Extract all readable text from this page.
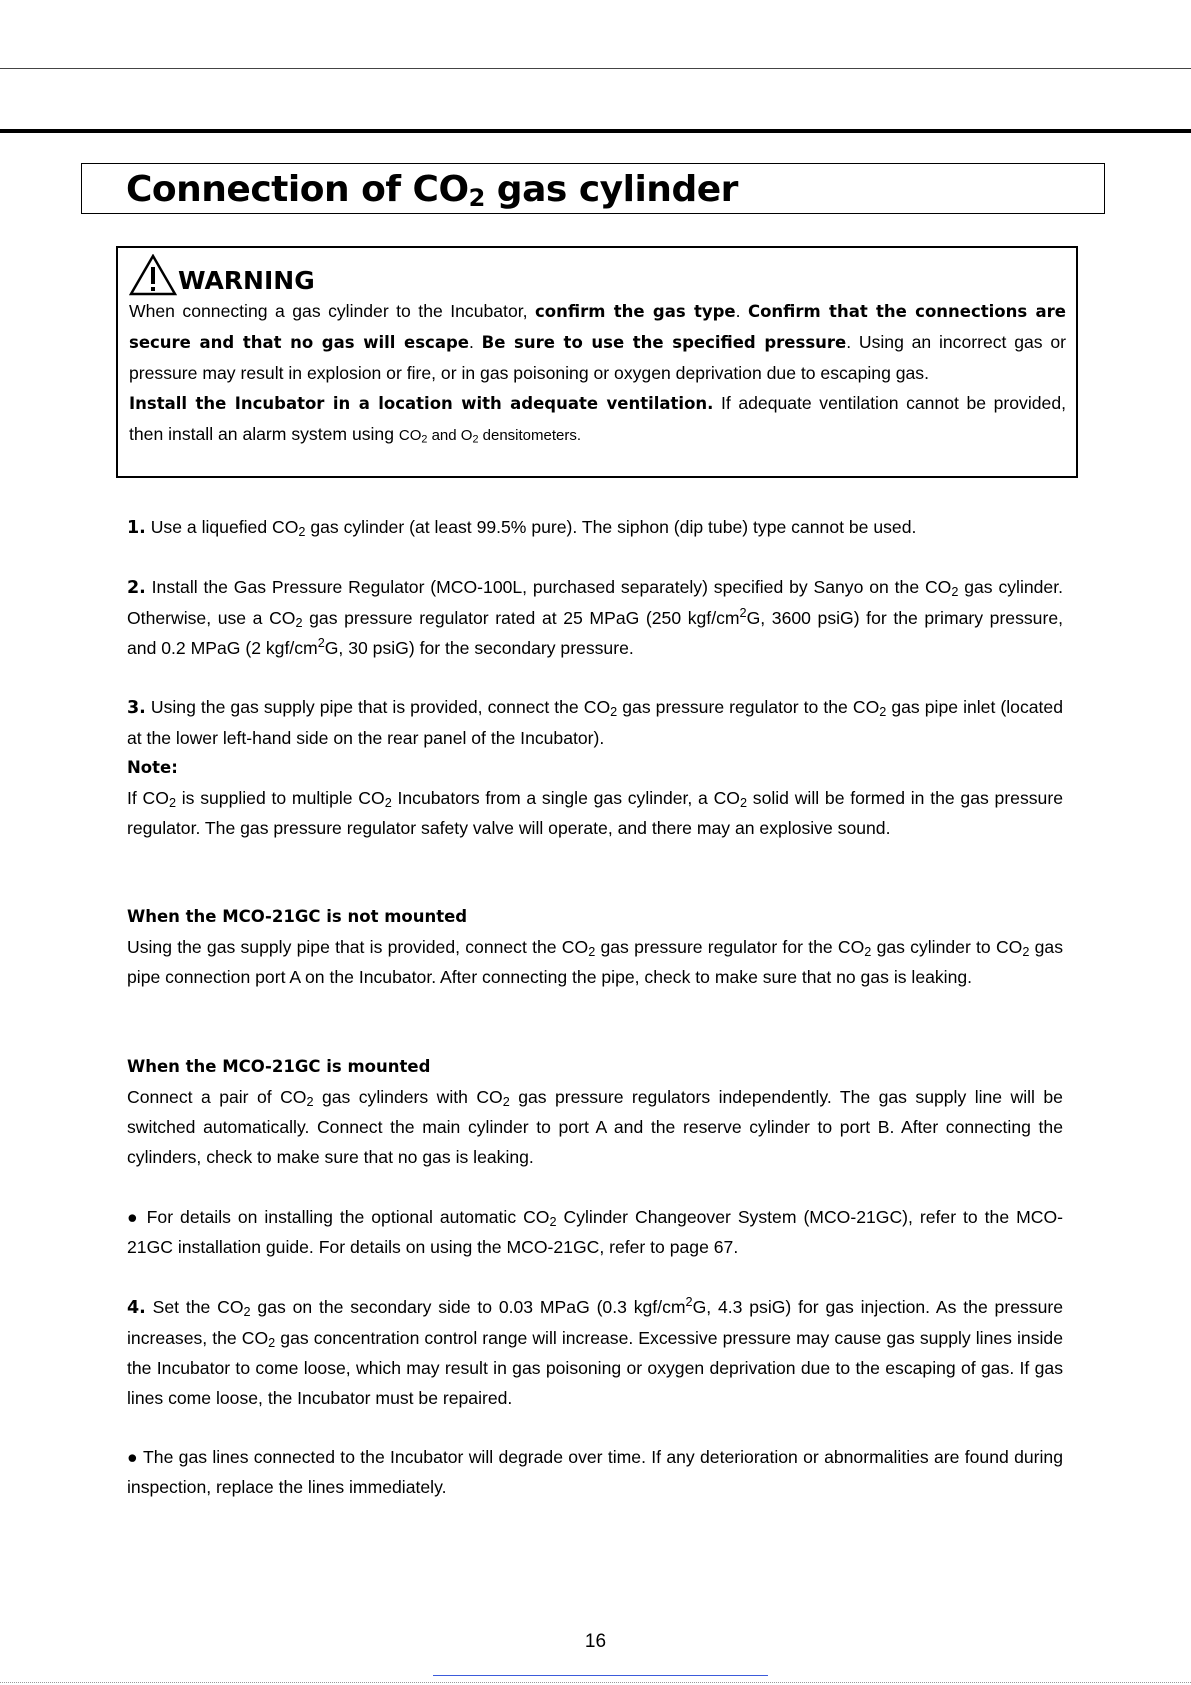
Connection of $CO_2$ gas cylinder
WARNING

When connecting a gas cylinder to the Incubator, confirm the gas type. Confirm that the connections are secure and that no gas will escape. Be sure to use the specified pressure. Using an incorrect gas or pressure may result in explosion or fire, or in gas poisoning or oxygen deprivation due to escaping gas.

Install the Incubator in a location with adequate ventilation. If adequate ventilation cannot be provided, then install an alarm system using $CO_2$ and $O_2$ densitometers.

1. Use a liquefied $CO_2$ gas cylinder (at least 99.5% pure). The siphon (dip tube) type cannot be used.

2. Install the Gas Pressure Regulator (MCO-100L, purchased separately) specified by Sanyo on the $CO_2$ gas cylinder. Otherwise, use a $CO_2$ gas pressure regulator rated at 25 MPaG (250 kgf/$cm^2G$, 3600 psiG) for the primary pressure, and 0.2 MPaG (2 kgf/$cm^2G$, 30 psiG) for the secondary pressure.

3. Using the gas supply pipe that is provided, connect the $CO_2$ gas pressure regulator to the $CO_2$ gas pipe inlet (located at the lower left-hand side on the rear panel of the Incubator).

Note:

If $CO_2$ is supplied to multiple $CO_2$ Incubators from a single gas cylinder, a $CO_2$ solid will be formed in the gas pressure regulator. The gas pressure regulator safety valve will operate, and there may an explosive sound.

When the MCO-21GC is not mounted

Using the gas supply pipe that is provided, connect the $CO_2$ gas pressure regulator for the $CO_2$ gas cylinder to $CO_2$ gas pipe connection port A on the Incubator. After connecting the pipe, check to make sure that no gas is leaking.

When the MCO-21GC is mounted

Connect a pair of $CO_2$ gas cylinders with $CO_2$ gas pressure regulators independently. The gas supply line will be switched automatically. Connect the main cylinder to port A and the reserve cylinder to port B. After connecting the cylinders, check to make sure that no gas is leaking.

● For details on installing the optional automatic $CO_2$ Cylinder Changeover System (MCO-21GC), refer to the MCO-21GC installation guide. For details on using the MCO-21GC, refer to page 67.

4. Set the $CO_2$ gas on the secondary side to 0.03 MPaG (0.3 kgf/$cm^2G$, 4.3 psiG) for gas injection. As the pressure increases, the $CO_2$ gas concentration control range will increase. Excessive pressure may cause gas supply lines inside the Incubator to come loose, which may result in gas poisoning or oxygen deprivation due to the escaping of gas. If gas lines come loose, the Incubator must be repaired.

● The gas lines connected to the Incubator will degrade over time. If any deterioration or abnormalities are found during inspection, replace the lines immediately.

16
